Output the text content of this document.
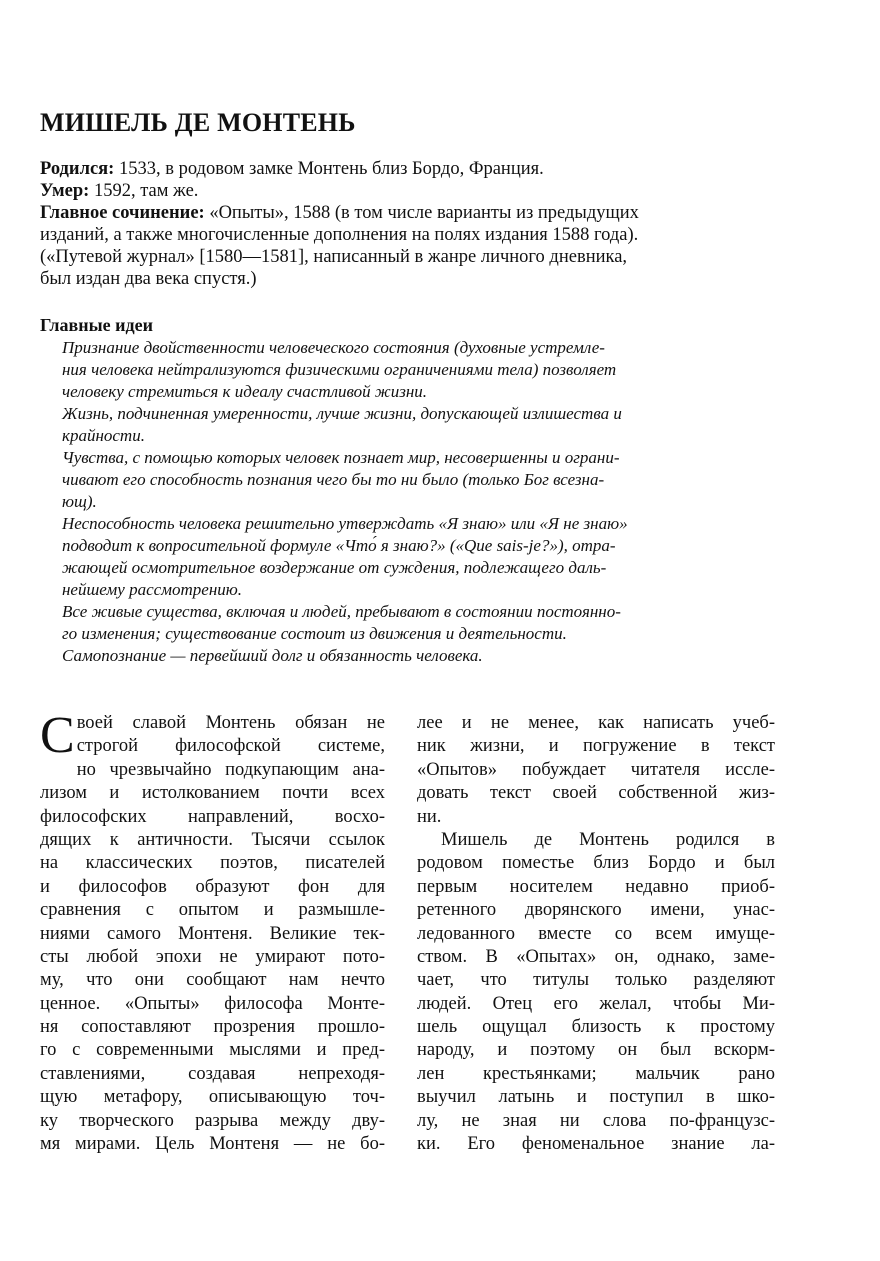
МИШЕЛЬ ДЕ МОНТЕНЬ
Родился: 1533, в родовом замке Монтень близ Бордо, Франция.
Умер: 1592, там же.
Главное сочинение: «Опыты», 1588 (в том числе варианты из предыдущих
изданий, а также многочисленные дополнения на полях издания 1588 года).
(«Путевой журнал» [1580—1581], написанный в жанре личного дневника,
был издан два века спустя.)
Главные идеи
Признание двойственности человеческого состояния (духовные устремле-
ния человека нейтрализуются физическими ограничениями тела) позволяет
человеку стремиться к идеалу счастливой жизни.
Жизнь, подчиненная умеренности, лучше жизни, допускающей излишества и
крайности.
Чувства, с помощью которых человек познает мир, несовершенны и ограни-
чивают его способность познания чего бы то ни было (только Бог всезна-
ющ).
Неспособность человека решительно утверждать «Я знаю» или «Я не знаю»
подводит к вопросительной формуле «Что́ я знаю?» («Que sais-je?»), отра-
жающей осмотрительное воздержание от суждения, подлежащего даль-
нейшему рассмотрению.
Все живые существа, включая и людей, пребывают в состоянии постоянно-
го изменения; существование состоит из движения и деятельности.
Самопознание — первейший долг и обязанность человека.
С воей славой Монтень обязан не
строгой философской системе,
но чрезвычайно подкупающим ана-
лизом и истолкованием почти всех
философских направлений, восхо-
дящих к античности. Тысячи ссылок
на классических поэтов, писателей
и философов образуют фон для
сравнения с опытом и размышле-
ниями самого Монтеня. Великие тек-
сты любой эпохи не умирают пото-
му, что они сообщают нам нечто
ценное. «Опыты» философа Монте-
ня сопоставляют прозрения прошло-
го с современными мыслями и пред-
ставлениями, создавая непреходя-
щую метафору, описывающую точ-
ку творческого разрыва между дву-
мя мирами. Цель Монтеня — не бо-
лее и не менее, как написать учеб-
ник жизни, и погружение в текст
«Опытов» побуждает читателя иссле-
довать текст своей собственной жиз-
ни.
Мишель де Монтень родился в
родовом поместье близ Бордо и был
первым носителем недавно приоб-
ретенного дворянского имени, унас-
ледованного вместе со всем имуще-
ством. В «Опытах» он, однако, заме-
чает, что титулы только разделяют
людей. Отец его желал, чтобы Ми-
шель ощущал близость к простому
народу, и поэтому он был вскорм-
лен крестьянками; мальчик рано
выучил латынь и поступил в шко-
лу, не зная ни слова по-французс-
ки. Его феноменальное знание ла-
